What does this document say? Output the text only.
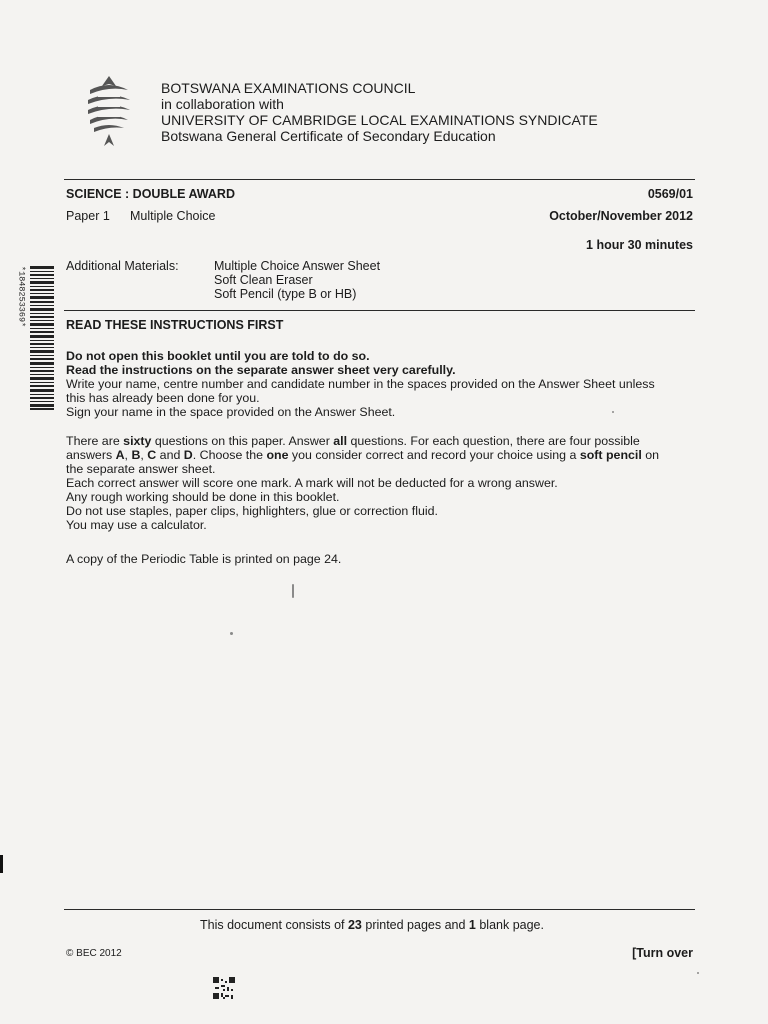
BOTSWANA EXAMINATIONS COUNCIL
in collaboration with
UNIVERSITY OF CAMBRIDGE LOCAL EXAMINATIONS SYNDICATE
Botswana General Certificate of Secondary Education
SCIENCE : DOUBLE AWARD	0569/01
Paper 1 Multiple Choice	October/November 2012
1 hour 30 minutes
Additional Materials:	Multiple Choice Answer Sheet
Soft Clean Eraser
Soft Pencil (type B or HB)
READ THESE INSTRUCTIONS FIRST

Do not open this booklet until you are told to do so.

Read the instructions on the separate answer sheet very carefully.

Write your name, centre number and candidate number in the spaces provided on the Answer Sheet unless

this has already been done for you.

Sign your name in the space provided on the Answer Sheet.

There are sixty questions on this paper. Answer all questions. For each question, there are four possible

answers A, B, C and D. Choose the one you consider correct and record your choice using a soft pencil on

the separate answer sheet.

Each correct answer will score one mark. A mark will not be deducted for a wrong answer.

Any rough working should be done in this booklet.

Do not use staples, paper clips, highlighters, glue or correction fluid.

You may use a calculator.

A copy of the Periodic Table is printed on page 24.
*1848253369*
This document consists of 23 printed pages and 1 blank page.
© BEC 2012	[Turn over
